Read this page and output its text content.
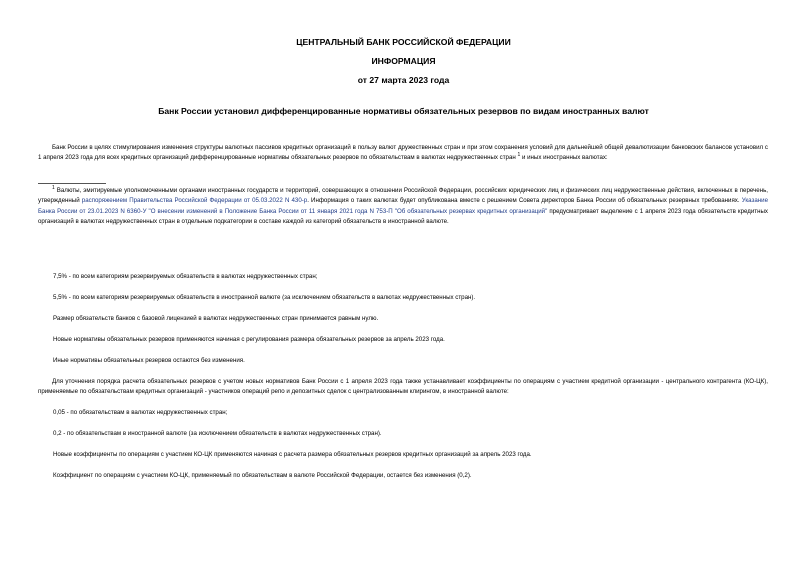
ЦЕНТРАЛЬНЫЙ БАНК РОССИЙСКОЙ ФЕДЕРАЦИИ
ИНФОРМАЦИЯ
от 27 марта 2023 года
Банк России установил дифференцированные нормативы обязательных резервов по видам иностранных валют
Банк России в целях стимулирования изменения структуры валютных пассивов кредитных организаций в пользу валют дружественных стран и при этом сохранения условий для дальнейшей общей девалютизации банковских балансов установил с 1 апреля 2023 года для всех кредитных организаций дифференцированные нормативы обязательных резервов по обязательствам в валютах недружественных стран $^1$ и иных иностранных валютах:
$^1$ Валюты, эмитируемые уполномоченными органами иностранных государств и территорий, совершающих в отношении Российской Федерации, российских юридических лиц и физических лиц недружественные действия, включенных в перечень, утвержденный распоряжением Правительства Российской Федерации от 05.03.2022 N 430-р. Информация о таких валютах будет опубликована вместе с решением Совета директоров Банка России об обязательных резервных требованиях. Указание Банка России от 23.01.2023 N 6360-У "О внесении изменений в Положение Банка России от 11 января 2021 года N 753-П "Об обязательных резервах кредитных организаций" предусматривает выделение с 1 апреля 2023 года обязательств кредитных организаций в валютах недружественных стран в отдельные подкатегории в составе каждой из категорий обязательств в иностранной валюте.
7,5% - по всем категориям резервируемых обязательств в валютах недружественных стран;
5,5% - по всем категориям резервируемых обязательств в иностранной валюте (за исключением обязательств в валютах недружественных стран).
Размер обязательств банков с базовой лицензией в валютах недружественных стран принимается равным нулю.
Новые нормативы обязательных резервов применяются начиная с регулирования размера обязательных резервов за апрель 2023 года.
Иные нормативы обязательных резервов остаются без изменения.
Для уточнения порядка расчета обязательных резервов с учетом новых нормативов Банк России с 1 апреля 2023 года также устанавливает коэффициенты по операциям с участием кредитной организации - центрального контрагента (КО-ЦК), применяемые по обязательствам кредитных организаций - участников операций репо и депозитных сделок с централизованным клирингом, в иностранной валюте:
0,05 - по обязательствам в валютах недружественных стран;
0,2 - по обязательствам в иностранной валюте (за исключением обязательств в валютах недружественных стран).
Новые коэффициенты по операциям с участием КО-ЦК применяются начиная с расчета размера обязательных резервов кредитных организаций за апрель 2023 года.
Коэффициент по операциям с участием КО-ЦК, применяемый по обязательствам в валюте Российской Федерации, остается без изменения (0,2).
